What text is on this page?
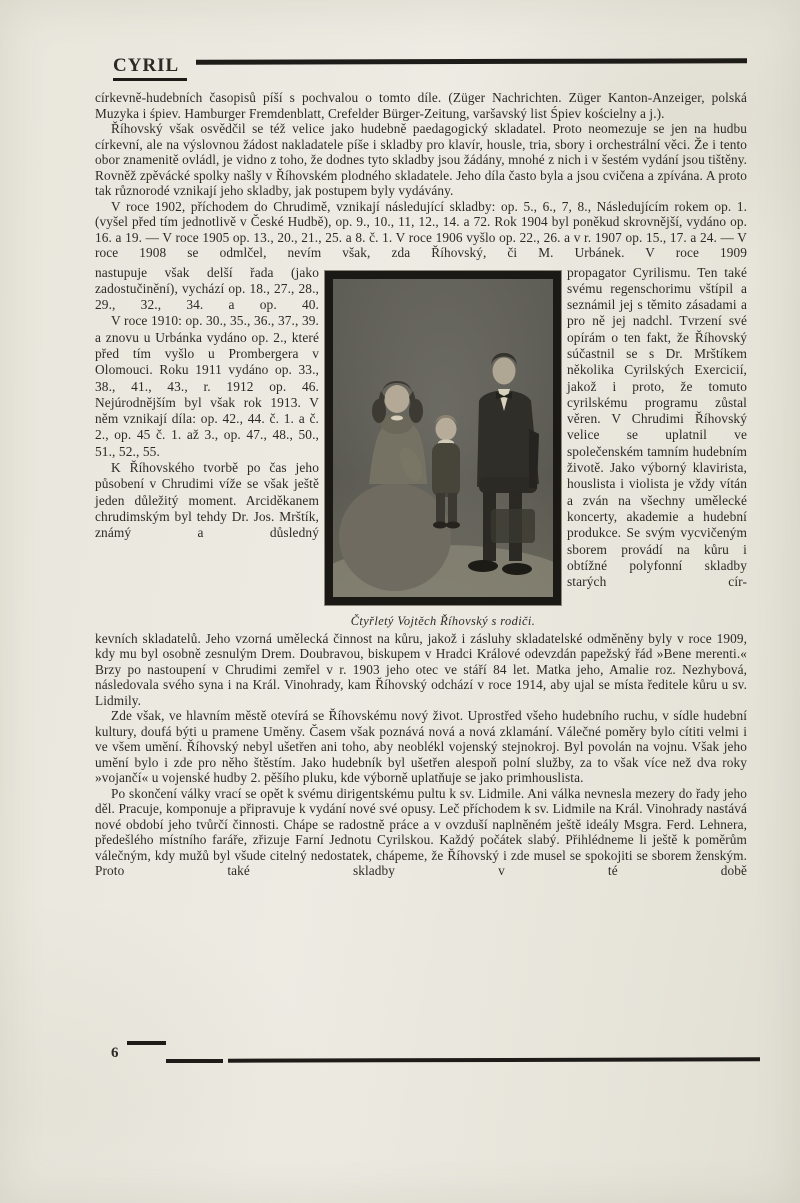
CYRIL

církevně-hudebních časopisů píší s pochvalou o tomto díle. (Züger Nachrichten. Züger Kanton-Anzeiger, polská Muzyka i śpiev. Hamburger Fremdenblatt, Crefelder Bürger-Zeitung, varšavský list Śpiev kościelny a j.).

Říhovský však osvědčil se též velice jako hudebně paedagogický skladatel. Proto neomezuje se jen na hudbu církevní, ale na výslovnou žádost nakladatele píše i skladby pro klavír, housle, tria, sbory i orchestrální věci. Že i tento obor znamenitě ovládl, je vidno z toho, že dodnes tyto skladby jsou žádány, mnohé z nich i v šestém vydání jsou tištěny. Rovněž zpěvácké spolky našly v Říhovském plodného skladatele. Jeho díla často byla a jsou cvičena a zpívána. A proto tak různorodé vznikají jeho skladby, jak postupem byly vydávány.

V roce 1902, příchodem do Chrudimě, vznikají následující skladby: op. 5., 6., 7, 8., Následujícím rokem op. 1. (vyšel před tím jednotlivě v České Hudbě), op. 9., 10., 11, 12., 14. a 72. Rok 1904 byl poněkud skrovnější, vydáno op. 16. a 19. — V roce 1905 op. 13., 20., 21., 25. a 8. č. 1. V roce 1906 vyšlo op. 22., 26. a v r. 1907 op. 15., 17. a 24. — V roce 1908 se odmlčel, nevím však, zda Říhovský, či M. Urbánek. V roce 1909

nastupuje však delší řada (jako zadostučinění), vychází op. 18., 27., 28., 29., 32., 34. a op. 40.

V roce 1910: op. 30., 35., 36., 37., 39. a znovu u Urbánka vydáno op. 2., které před tím vyšlo u Prombergera v Olomouci. Roku 1911 vydáno op. 33., 38., 41., 43., r. 1912 op. 46. Nejúrodnějším byl však rok 1913. V něm vznikají díla: op. 42., 44. č. 1. a č. 2., op. 45 č. 1. až 3., op. 47., 48., 50., 51., 52., 55.

K Říhovského tvorbě po čas jeho působení v Chrudimi víže se však ještě jeden důležitý moment. Arciděkanem chrudimským byl tehdy Dr. Jos. Mrštík, známý a důsledný

Čtyřletý Vojtěch Říhovský s rodiči.

propagator Cyrilismu. Ten také svému regenschorimu vštípil a seznámil jej s těmito zásadami a pro ně jej nadchl. Tvrzení své opírám o ten fakt, že Říhovský súčastnil se s Dr. Mrštíkem několika Cyrilských Exercicií, jakož i proto, že tomuto cyrilskému programu zůstal věren. V Chrudimi Říhovský velice se uplatnil ve společenském tamním hudebním životě. Jako výborný klavirista, houslista i violista je vždy vítán a zván na všechny umělecké koncerty, akademie a hudební produkce. Se svým vycvičeným sborem provádí na kůru i obtížné polyfonní skladby starých cír-

kevních skladatelů. Jeho vzorná umělecká činnost na kůru, jakož i zásluhy skladatelské odměněny byly v roce 1909, kdy mu byl osobně zesnulým Drem. Doubravou, biskupem v Hradci Králové odevzdán papežský řád »Bene merenti.« Brzy po nastoupení v Chrudimi zemřel v r. 1903 jeho otec ve stáří 84 let. Matka jeho, Amalie roz. Nezhybová, následovala svého syna i na Král. Vinohrady, kam Říhovský odchází v roce 1914, aby ujal se místa ředitele kůru u sv. Lidmily.

Zde však, ve hlavním městě otevírá se Říhovskému nový život. Uprostřed všeho hudebního ruchu, v sídle hudební kultury, doufá býti u pramene Uměny. Časem však poznává nová a nová zklamání. Válečné poměry bylo cítiti velmi i ve všem umění. Říhovský nebyl ušetřen ani toho, aby neoblékl vojenský stejnokroj. Byl povolán na vojnu. Však jeho umění bylo i zde pro něho štěstím. Jako hudebník byl ušetřen alespoň polní služby, za to však více než dva roky »vojančí« u vojenské hudby 2. pěšího pluku, kde výborně uplatňuje se jako primhouslista.

Po skončení války vrací se opět k svému dirigentskému pultu k sv. Lidmile. Ani válka nevnesla mezery do řady jeho děl. Pracuje, komponuje a připravuje k vydání nové své opusy. Leč příchodem k sv. Lidmile na Král. Vinohrady nastává nové období jeho tvůrčí činnosti. Chápe se radostně práce a v ovzduší naplněném ještě ideály Msgra. Ferd. Lehnera, předešlého místního faráře, zřizuje Farní Jednotu Cyrilskou. Každý počátek slabý. Přihlédneme li ještě k poměrům válečným, kdy mužů byl všude citelný nedostatek, chápeme, že Říhovský i zde musel se spokojiti se sborem ženským. Proto také skladby v té době

6
